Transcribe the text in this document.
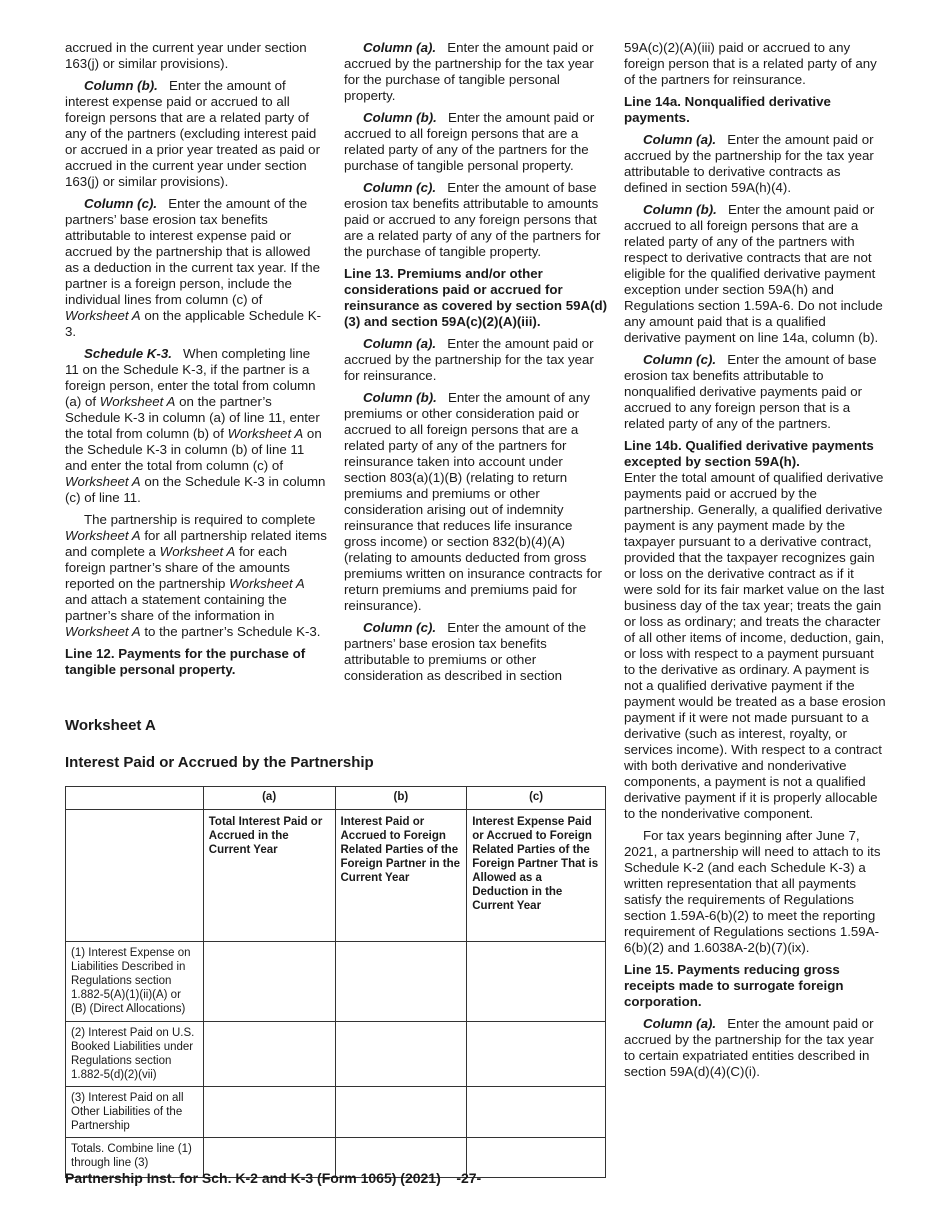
accrued in the current year under section 163(j) or similar provisions).

Column (b). Enter the amount of interest expense paid or accrued to all foreign persons that are a related party of any of the partners (excluding interest paid or accrued in a prior year treated as paid or accrued in the current year under section 163(j) or similar provisions).

Column (c). Enter the amount of the partners’ base erosion tax benefits attributable to interest expense paid or accrued by the partnership that is allowed as a deduction in the current tax year. If the partner is a foreign person, include the individual lines from column (c) of Worksheet A on the applicable Schedule K-3.

Schedule K-3. When completing line 11 on the Schedule K-3, if the partner is a foreign person, enter the total from column (a) of Worksheet A on the partner’s Schedule K-3 in column (a) of line 11, enter the total from column (b) of Worksheet A on the Schedule K-3 in column (b) of line 11 and enter the total from column (c) of Worksheet A on the Schedule K-3 in column (c) of line 11.

The partnership is required to complete Worksheet A for all partnership related items and complete a Worksheet A for each foreign partner’s share of the amounts reported on the partnership Worksheet A and attach a statement containing the partner’s share of the information in Worksheet A to the partner’s Schedule K-3.

Line 12. Payments for the purchase of tangible personal property.

Column (a). Enter the amount paid or accrued by the partnership for the tax year for the purchase of tangible personal property.

Column (b). Enter the amount paid or accrued to all foreign persons that are a related party of any of the partners for the purchase of tangible personal property.

Column (c). Enter the amount of base erosion tax benefits attributable to amounts paid or accrued to any foreign persons that are a related party of any of the partners for the purchase of tangible property.

Line 13. Premiums and/or other considerations paid or accrued for reinsurance as covered by section 59A(d)(3) and section 59A(c)(2)(A)(iii).

Column (a). Enter the amount paid or accrued by the partnership for the tax year for reinsurance.

Column (b). Enter the amount of any premiums or other consideration paid or accrued to all foreign persons that are a related party of any of the partners for reinsurance taken into account under section 803(a)(1)(B) (relating to return premiums and premiums or other consideration arising out of indemnity reinsurance that reduces life insurance gross income) or section 832(b)(4)(A) (relating to amounts deducted from gross premiums written on insurance contracts for return premiums and premiums paid for reinsurance).

Column (c). Enter the amount of the partners’ base erosion tax benefits attributable to premiums or other consideration as described in section

59A(c)(2)(A)(iii) paid or accrued to any foreign person that is a related party of any of the partners for reinsurance.

Line 14a. Nonqualified derivative payments.

Column (a). Enter the amount paid or accrued by the partnership for the tax year attributable to derivative contracts as defined in section 59A(h)(4).

Column (b). Enter the amount paid or accrued to all foreign persons that are a related party of any of the partners with respect to derivative contracts that are not eligible for the qualified derivative payment exception under section 59A(h) and Regulations section 1.59A-6. Do not include any amount paid that is a qualified derivative payment on line 14a, column (b).

Column (c). Enter the amount of base erosion tax benefits attributable to nonqualified derivative payments paid or accrued to any foreign person that is a related party of any of the partners.

Line 14b. Qualified derivative payments excepted by section 59A(h).

Enter the total amount of qualified derivative payments paid or accrued by the partnership. Generally, a qualified derivative payment is any payment made by the taxpayer pursuant to a derivative contract, provided that the taxpayer recognizes gain or loss on the derivative contract as if it were sold for its fair market value on the last business day of the tax year; treats the gain or loss as ordinary; and treats the character of all other items of income, deduction, gain, or loss with respect to a payment pursuant to the derivative as ordinary. A payment is not a qualified derivative payment if the payment would be treated as a base erosion payment if it were not made pursuant to a derivative (such as interest, royalty, or services income). With respect to a contract with both derivative and nonderivative components, a payment is not a qualified derivative payment if it is properly allocable to the nonderivative component.

For tax years beginning after June 7, 2021, a partnership will need to attach to its Schedule K-2 (and each Schedule K-3) a written representation that all payments satisfy the requirements of Regulations section 1.59A-6(b)(2) to meet the reporting requirement of Regulations sections 1.59A-6(b)(2) and 1.6038A-2(b)(7)(ix).

Line 15. Payments reducing gross receipts made to surrogate foreign corporation.

Column (a). Enter the amount paid or accrued by the partnership for the tax year to certain expatriated entities described in section 59A(d)(4)(C)(i).

Worksheet A
Interest Paid or Accrued by the Partnership
	(a)	(b)	(c)
	Total Interest Paid or Accrued in the Current Year	Interest Paid or Accrued to Foreign Related Parties of the Foreign Partner in the Current Year	Interest Expense Paid or Accrued to Foreign Related Parties of the Foreign Partner That is Allowed as a Deduction in the Current Year
(1) Interest Expense on Liabilities Described in Regulations section 1.882-5(A)(1)(ii)(A) or (B) (Direct Allocations)			
(2) Interest Paid on U.S. Booked Liabilities under Regulations section 1.882-5(d)(2)(vii)			
(3) Interest Paid on all Other Liabilities of the Partnership			
Totals. Combine line (1) through line (3)			
Partnership Inst. for Sch. K-2 and K-3 (Form 1065) (2021)    -27-
